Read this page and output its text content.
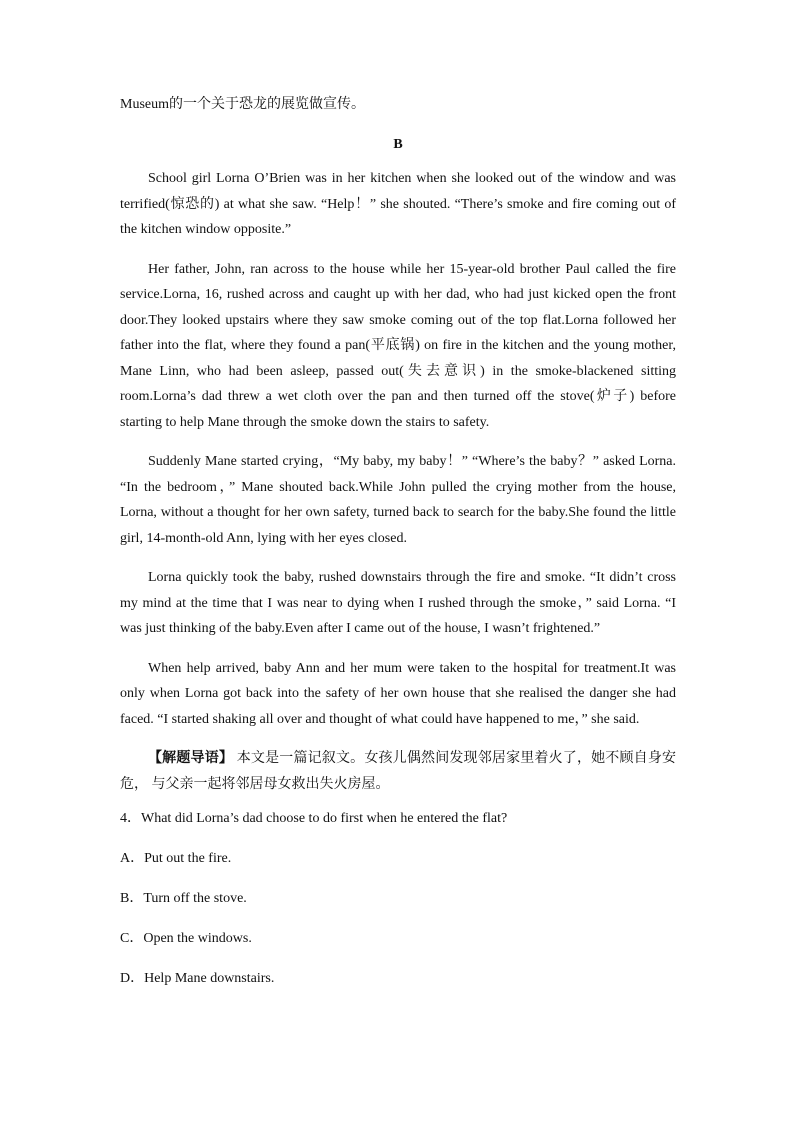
Museum的一个关于恐龙的展览做宣传。

B

School girl Lorna O’Brien was in her kitchen when she looked out of the window and was terrified(惊恐的) at what she saw. “Help！” she shouted. “There’s smoke and fire coming out of the kitchen window opposite.”

Her father, John, ran across to the house while her 15-year-old brother Paul called the fire service.Lorna, 16, rushed across and caught up with her dad, who had just kicked open the front door.They looked upstairs where they saw smoke coming out of the top flat.Lorna followed her father into the flat, where they found a pan(平底锅) on fire in the kitchen and the young mother, Mane Linn, who had been asleep, passed out(失去意识) in the smoke-blackened sitting room.Lorna’s dad threw a wet cloth over the pan and then turned off the stove(炉子) before starting to help Mane through the smoke down the stairs to safety.

Suddenly Mane started crying，“My baby, my baby！” “Where’s the baby？” asked Lorna. “In the bedroom，” Mane shouted back.While John pulled the crying mother from the house, Lorna, without a thought for her own safety, turned back to search for the baby.She found the little girl, 14-month-old Ann, lying with her eyes closed.

Lorna quickly took the baby, rushed downstairs through the fire and smoke. “It didn’t cross my mind at the time that I was near to dying when I rushed through the smoke，” said Lorna. “I was just thinking of the baby.Even after I came out of the house, I wasn’t frightened.”

When help arrived, baby Ann and her mum were taken to the hospital for treatment.It was only when Lorna got back into the safety of her own house that she realised the danger she had faced. “I started shaking all over and thought of what could have happened to me，” she said.

【解题导语】 本文是一篇记叙文。女孩儿偶然间发现邻居家里着火了，她不顾自身安危， 与父亲一起将邻居母女救出失火房屋。

4．What did Lorna’s dad choose to do first when he entered the flat?

A．Put out the fire.
B．Turn off the stove.
C．Open the windows.
D．Help Mane downstairs.
